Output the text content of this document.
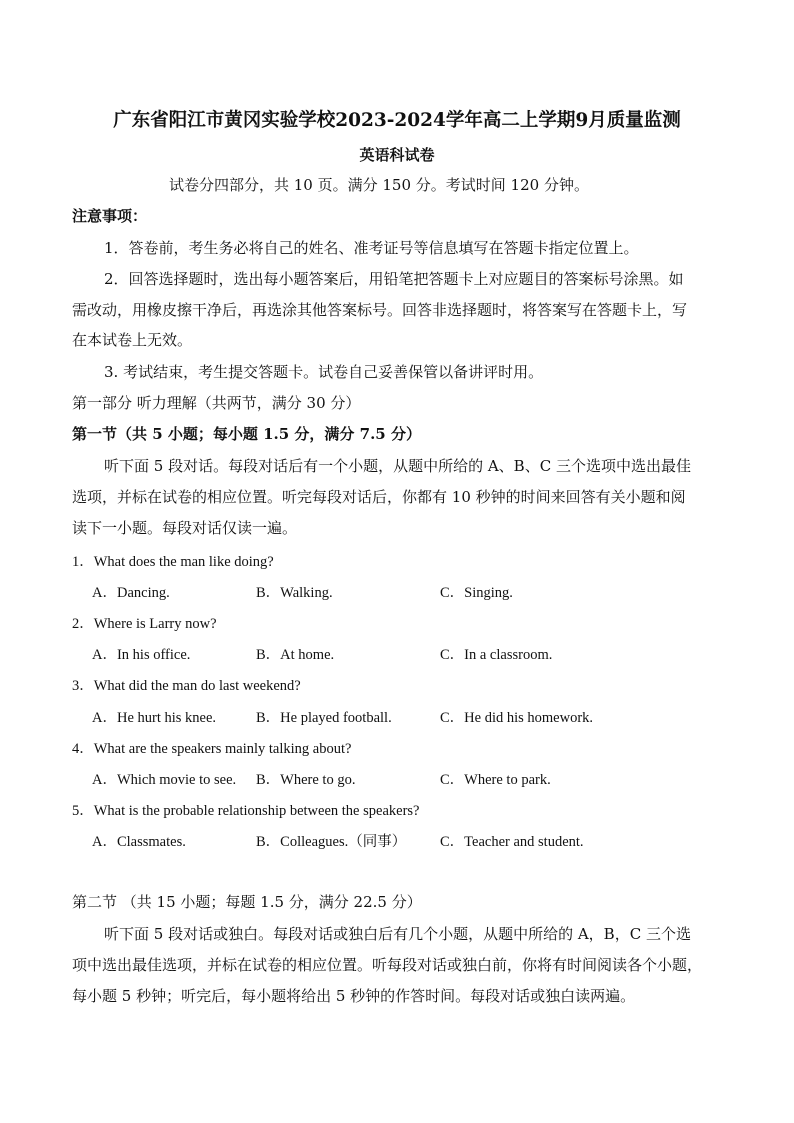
广东省阳江市黄冈实验学校2023-2024学年高二上学期9月质量监测
英语科试卷
试卷分四部分，共 10 页。满分 150 分。考试时间 120 分钟。
注意事项：
1．答卷前，考生务必将自己的姓名、准考证号等信息填写在答题卡指定位置上。
2．回答选择题时，选出每小题答案后，用铅笔把答题卡上对应题目的答案标号涂黑。如
需改动，用橡皮擦干净后，再选涂其他答案标号。回答非选择题时，将答案写在答题卡上，写
在本试卷上无效。
3. 考试结束，考生提交答题卡。试卷自己妥善保管以备讲评时用。
第一部分 听力理解（共两节，满分 30 分）
第一节（共 5 小题；每小题 1.5 分，满分 7.5 分）
听下面 5 段对话。每段对话后有一个小题，从题中所给的 A、B、C 三个选项中选出最佳
选项，并标在试卷的相应位置。听完每段对话后，你都有 10 秒钟的时间来回答有关小题和阅
读下一小题。每段对话仅读一遍。
1．What does the man like doing?
A．Dancing.	B．Walking.	C．Singing.
2．Where is Larry now?
A．In his office.	B．At home.	C．In a classroom.
3．What did the man do last weekend?
A．He hurt his knee.	B．He played football.	C．He did his homework.
4．What are the speakers mainly talking about?
A．Which movie to see. B．Where to go.	C．Where to park.
5．What is the probable relationship between the speakers?
A．Classmates.	B．Colleagues.（同事） C．Teacher and student.
第二节 （共 15 小题；每题 1.5 分，满分 22.5 分）
听下面 5 段对话或独白。每段对话或独白后有几个小题，从题中所给的 A，B，C 三个选
项中选出最佳选项，并标在试卷的相应位置。听每段对话或独白前，你将有时间阅读各个小题，
每小题 5 秒钟；听完后，每小题将给出 5 秒钟的作答时间。每段对话或独白读两遍。
